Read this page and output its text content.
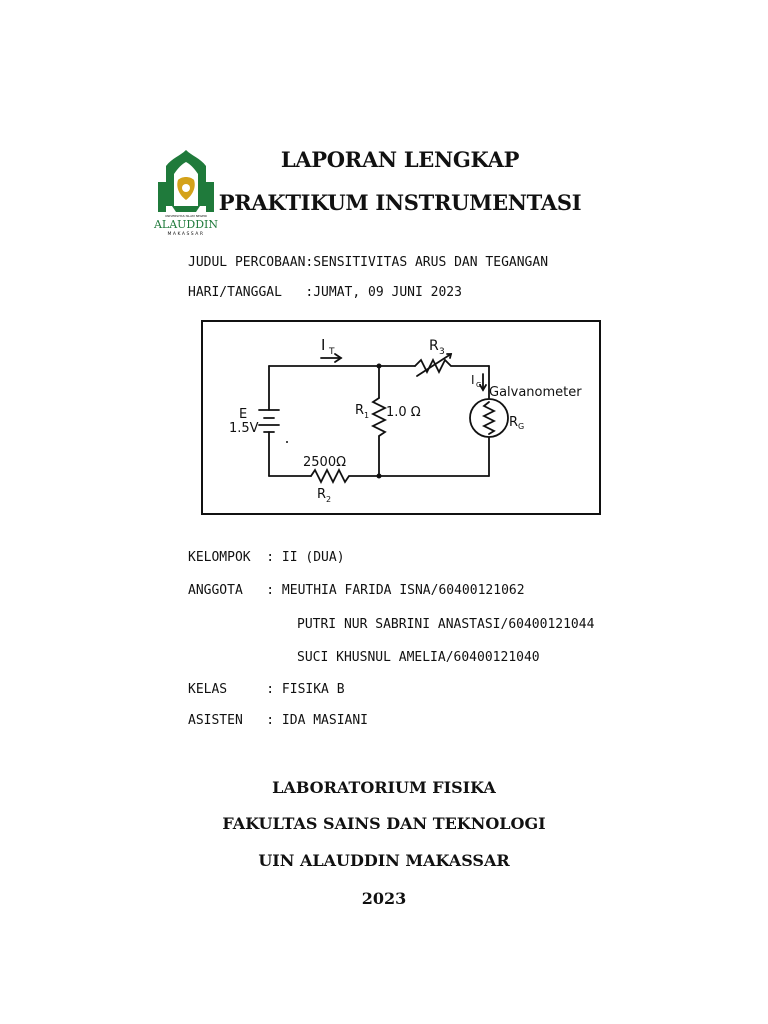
UNIVERSITAS ISLAM NEGERI
ALAUDDIN
MAKASSAR
LAPORAN LENGKAP
PRAKTIKUM INSTRUMENTASI

JUDUL PERCOBAAN:SENSITIVITAS ARUS DAN TEGANGAN

HARI/TANGGAL   :JUMAT, 09 JUNI 2023

I T	R 3
I G Galvanometer
R G
E
1.5V
R 1 1.0 Ω
2500Ω
R 2

KELOMPOK  : II (DUA)

ANGGOTA   : MEUTHIA FARIDA ISNA/60400121062

PUTRI NUR SABRINI ANASTASI/60400121044

SUCI KHUSNUL AMELIA/60400121040

KELAS     : FISIKA B

ASISTEN   : IDA MASIANI

LABORATORIUM FISIKA

FAKULTAS SAINS DAN TEKNOLOGI

UIN ALAUDDIN MAKASSAR

2023
